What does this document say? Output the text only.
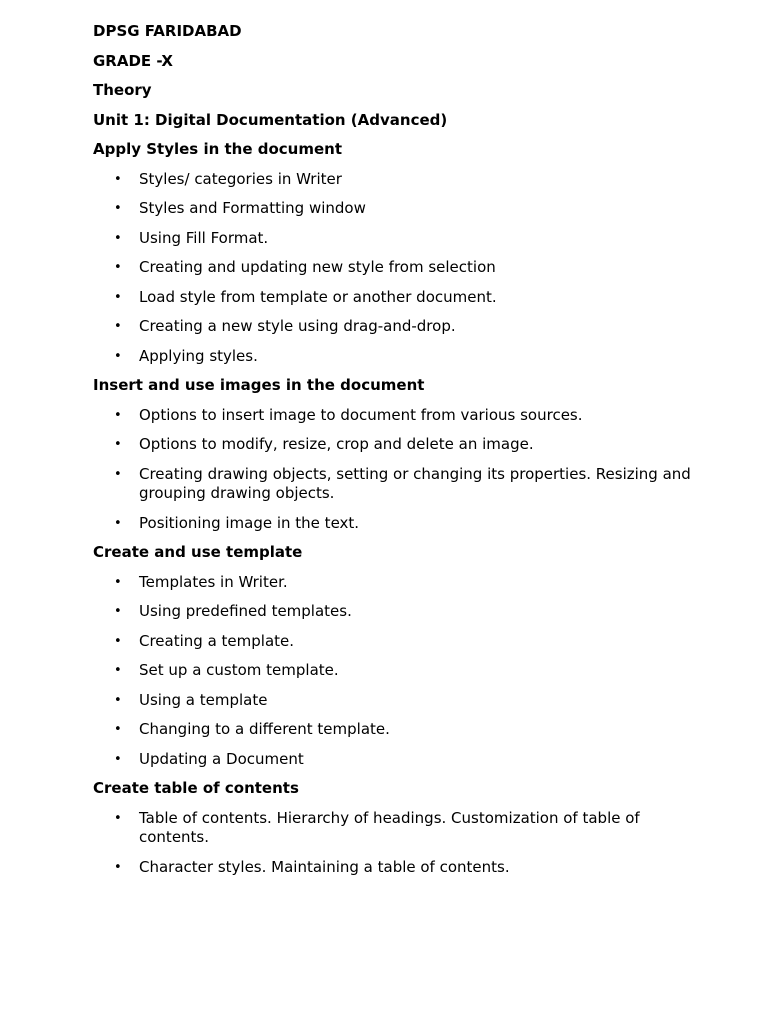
DPSG FARIDABAD
GRADE -X
Theory
Unit 1: Digital Documentation (Advanced)
Apply Styles in the document
• Styles/ categories in Writer
• Styles and Formatting window
• Using Fill Format.
• Creating and updating new style from selection
• Load style from template or another document.
• Creating a new style using drag-and-drop.
• Applying styles.
Insert and use images in the document
• Options to insert image to document from various sources.
• Options to modify, resize, crop and delete an image.
• Creating drawing objects, setting or changing its properties. Resizing and grouping drawing objects.
• Positioning image in the text.
Create and use template
• Templates in Writer.
• Using predefined templates.
• Creating a template.
• Set up a custom template.
• Using a template
• Changing to a different template.
• Updating a Document
Create table of contents
• Table of contents. Hierarchy of headings. Customization of table of contents.
• Character styles. Maintaining a table of contents.
